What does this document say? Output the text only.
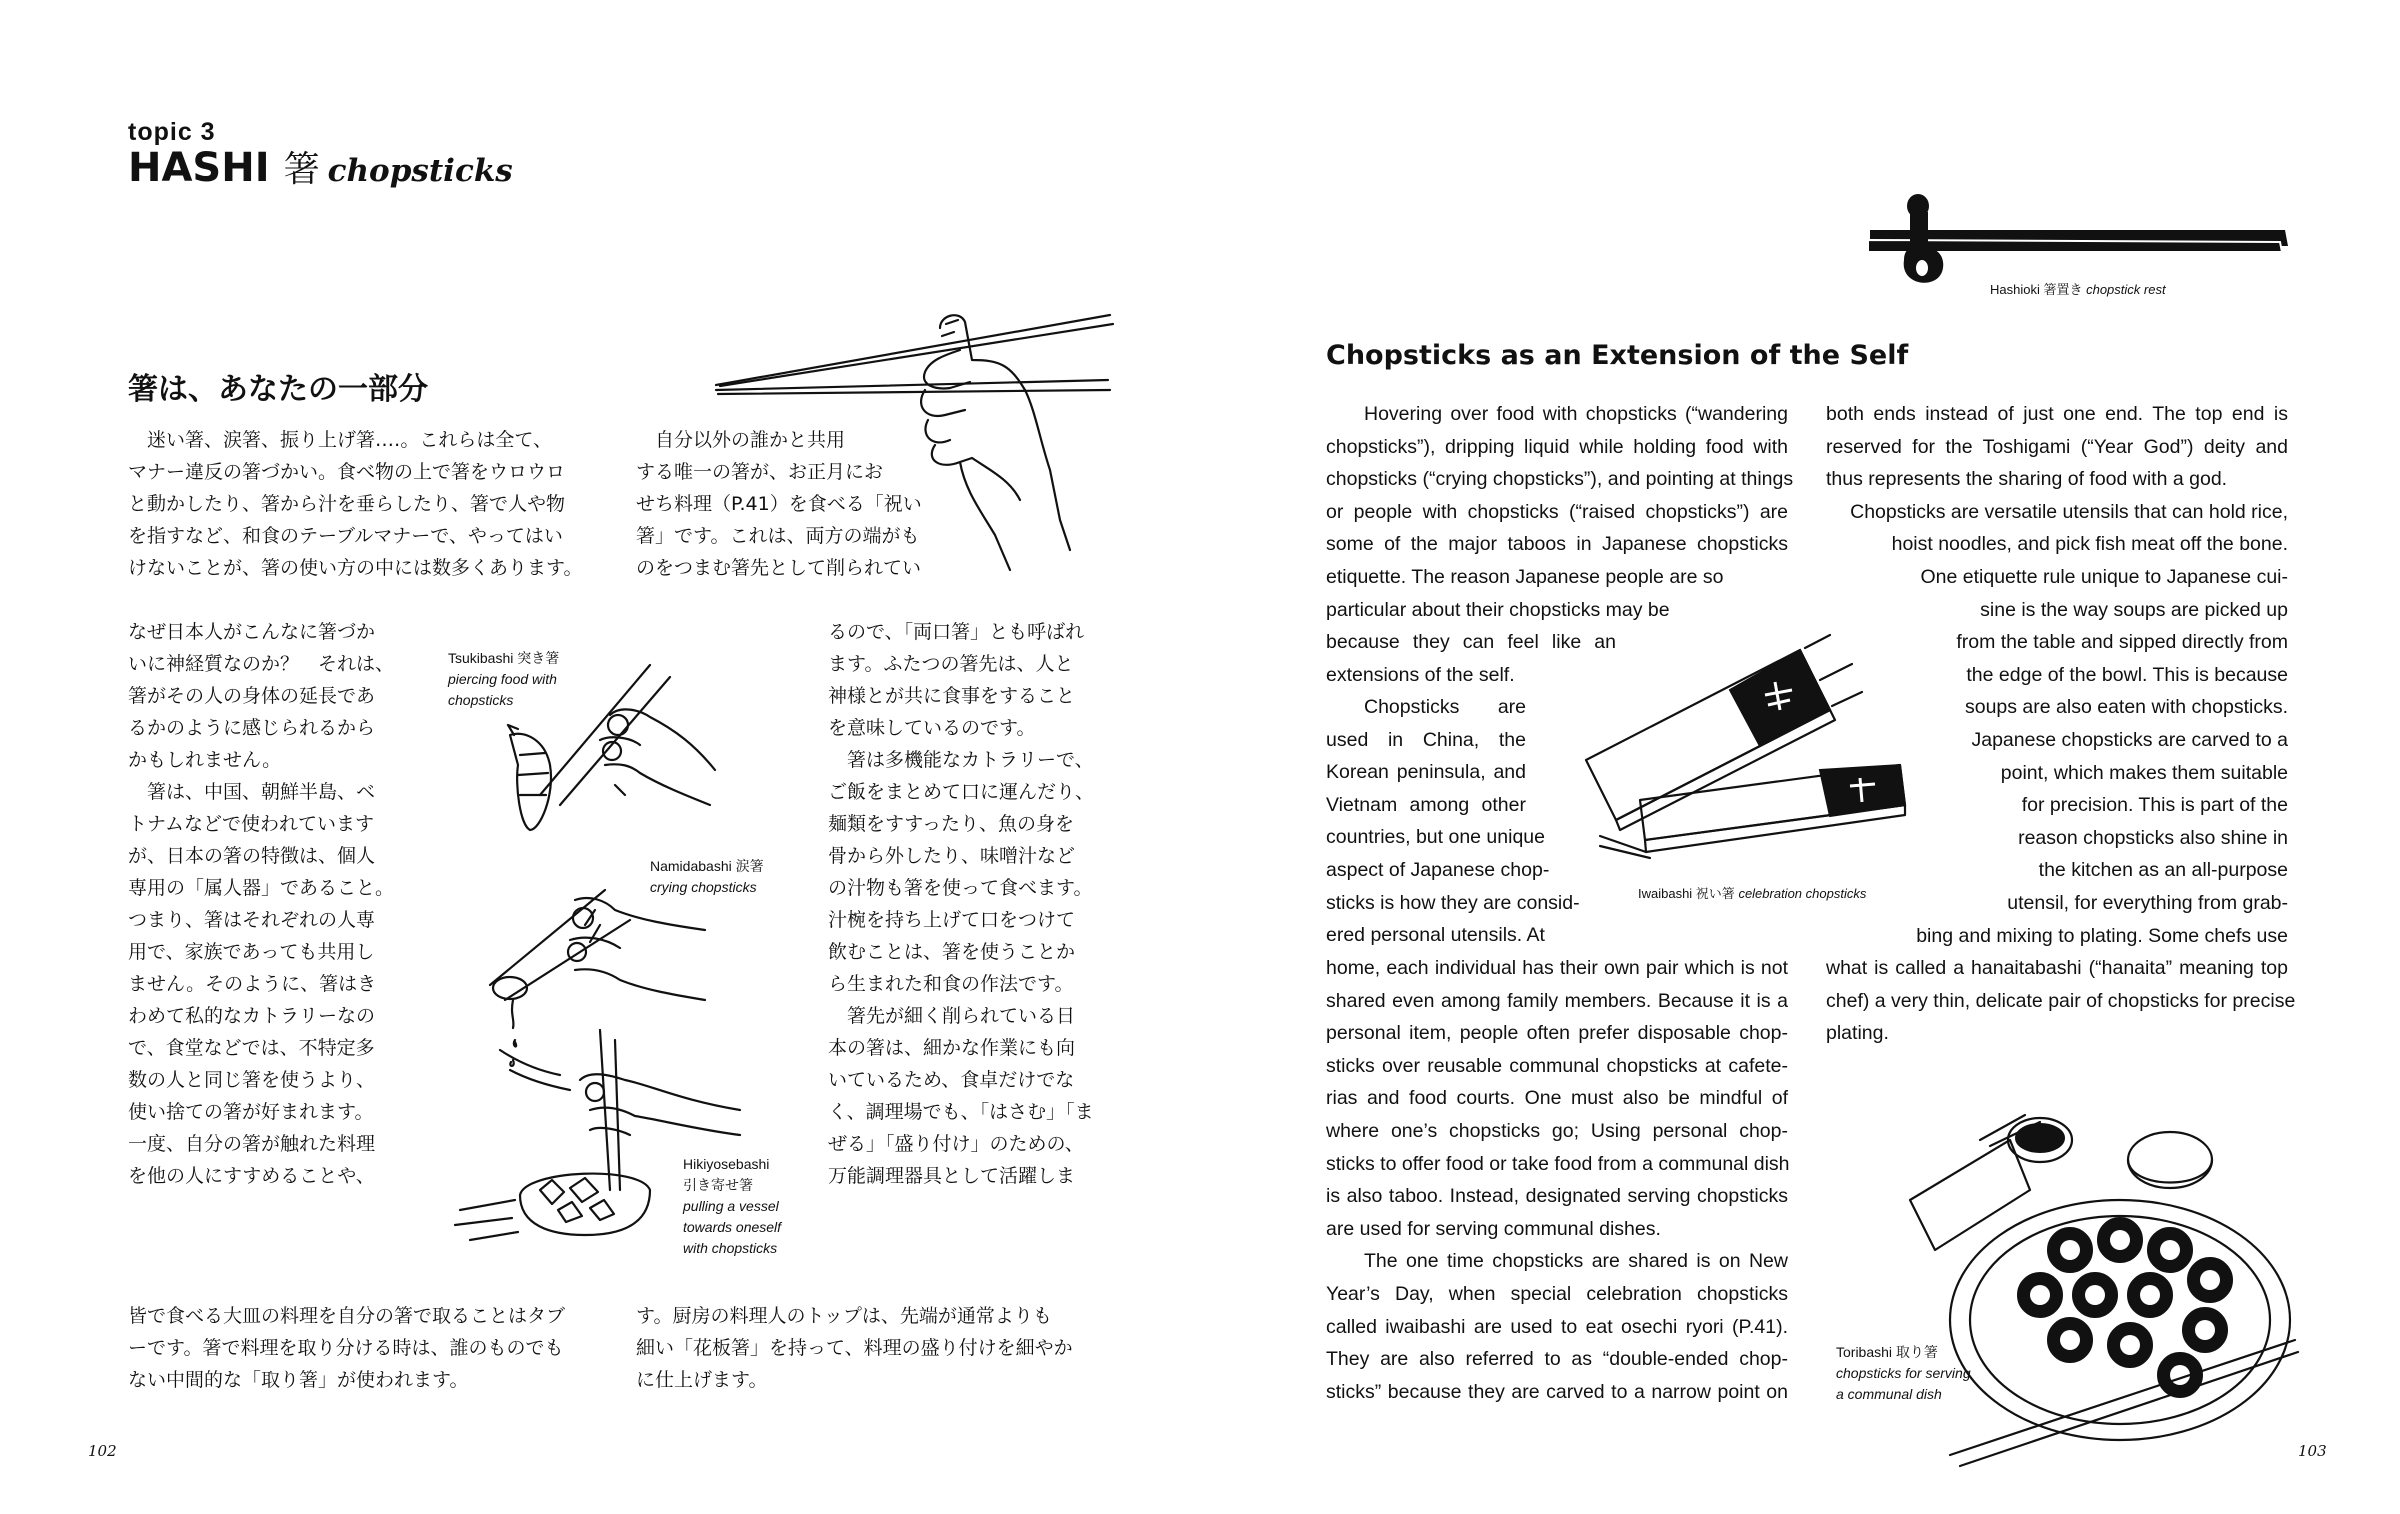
topic 3
HASHI 箸 chopsticks
箸は、あなたの一部分
　迷い箸、涙箸、振り上げ箸‥‥。これらは全て、
マナー違反の箸づかい。食べ物の上で箸をウロウロ
と動かしたり、箸から汁を垂らしたり、箸で人や物
を指すなど、和食のテーブルマナーで、やってはい
けないことが、箸の使い方の中には数多くあります。
なぜ日本人がこんなに箸づか
いに神経質なのか？　それは、
箸がその人の身体の延長であ
るかのように感じられるから
かもしれません。
　箸は、中国、朝鮮半島、ベ
トナムなどで使われています
が、日本の箸の特徴は、個人
専用の「属人器」であること。
つまり、箸はそれぞれの人専
用で、家族であっても共用し
ません。そのように、箸はき
わめて私的なカトラリーなの
で、食堂などでは、不特定多
数の人と同じ箸を使うより、
使い捨ての箸が好まれます。
一度、自分の箸が触れた料理
を他の人にすすめることや、
皆で食べる大皿の料理を自分の箸で取ることはタブ
ーです。箸で料理を取り分ける時は、誰のものでも
ない中間的な「取り箸」が使われます。
　自分以外の誰かと共用
する唯一の箸が、お正月にお
せち料理（P.41）を食べる「祝い
箸」です。これは、両方の端がも
のをつまむ箸先として削られてい
るので、「両口箸」とも呼ばれ
ます。ふたつの箸先は、人と
神様とが共に食事をすること
を意味しているのです。
　箸は多機能なカトラリーで、
ご飯をまとめて口に運んだり、
麺類をすすったり、魚の身を
骨から外したり、味噌汁など
の汁物も箸を使って食べます。
汁椀を持ち上げて口をつけて
飲むことは、箸を使うことか
ら生まれた和食の作法です。
　箸先が細く削られている日
本の箸は、細かな作業にも向
いているため、食卓だけでな
く、調理場でも、「はさむ」「ま
ぜる」「盛り付け」のための、
万能調理器具として活躍しま
す。厨房の料理人のトップは、先端が通常よりも
細い「花板箸」を持って、料理の盛り付けを細やか
に仕上げます。
Tsukibashi 突き箸
piercing food with
chopsticks
Namidabashi 涙箸
crying chopsticks
Hikiyosebashi
引き寄せ箸
pulling a vessel
towards oneself
with chopsticks
102
Hashioki 箸置き chopstick rest
Chopsticks as an Extension of the Self
Hovering over food with chopsticks (“wandering
chopsticks”), dripping liquid while holding food with
chopsticks (“crying chopsticks”), and pointing at things
or people with chopsticks (“raised chopsticks”) are
some of the major taboos in Japanese chopsticks
etiquette. The reason Japanese people are so
particular about their chopsticks may be
because they can feel like an
extensions of the self.
Chopsticks are
used in China, the
Korean peninsula, and
Vietnam among other
countries, but one unique
aspect of Japanese chop-
sticks is how they are consid-
ered personal utensils. At
home, each individual has their own pair which is not
shared even among family members. Because it is a
personal item, people often prefer disposable chop-
sticks over reusable communal chopsticks at cafete-
rias and food courts. One must also be mindful of
where one’s chopsticks go; Using personal chop-
sticks to offer food or take food from a communal dish
is also taboo. Instead, designated serving chopsticks
are used for serving communal dishes.
The one time chopsticks are shared is on New
Year’s Day, when special celebration chopsticks
called iwaibashi are used to eat osechi ryori (P.41).
They are also referred to as “double-ended chop-
sticks” because they are carved to a narrow point on
both ends instead of just one end. The top end is
reserved for the Toshigami (“Year God”) deity and
thus represents the sharing of food with a god.
Chopsticks are versatile utensils that can hold rice,
hoist noodles, and pick fish meat off the bone.
One etiquette rule unique to Japanese cui-
sine is the way soups are picked up
from the table and sipped directly from
the edge of the bowl. This is because
soups are also eaten with chopsticks.
Japanese chopsticks are carved to a
point, which makes them suitable
for precision. This is part of the
reason chopsticks also shine in
the kitchen as an all-purpose
utensil, for everything from grab-
bing and mixing to plating. Some chefs use
what is called a hanaitabashi (“hanaita” meaning top
chef) a very thin, delicate pair of chopsticks for precise
plating.
Iwaibashi 祝い箸 celebration chopsticks
Toribashi 取り箸
chopsticks for serving
a communal dish
103
